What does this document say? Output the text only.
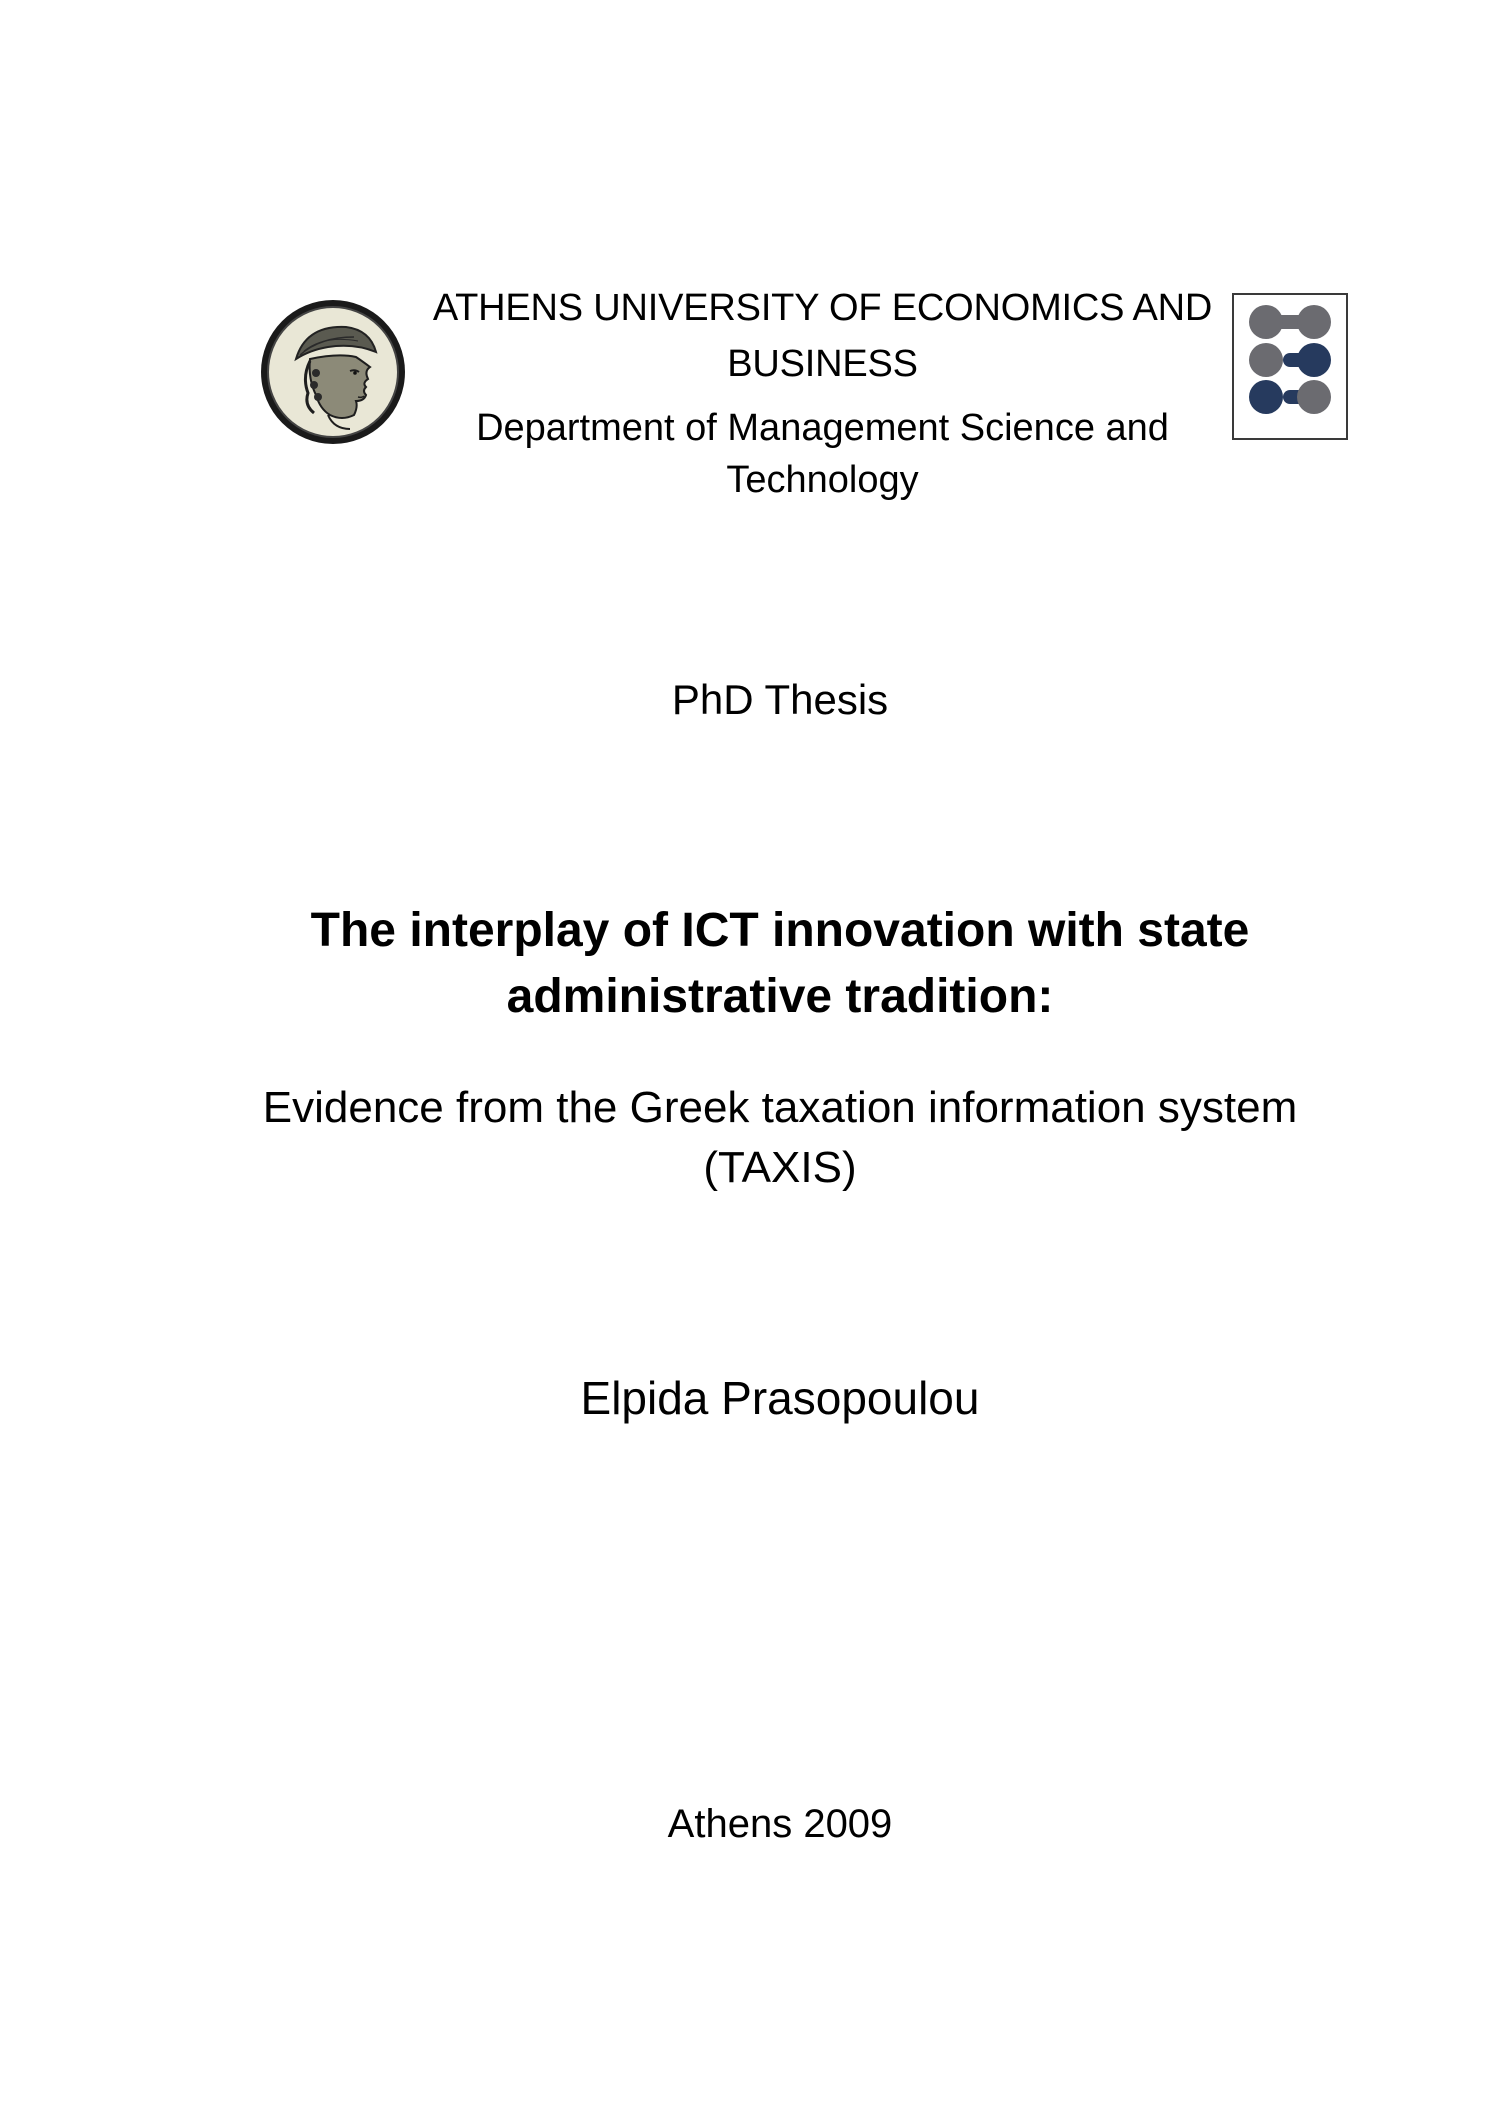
ATHENS UNIVERSITY OF ECONOMICS AND BUSINESS

Department of Management Science and Technology

PhD Thesis

The interplay of ICT innovation with state administrative tradition:

Evidence from the Greek taxation information system (TAXIS)

Elpida Prasopoulou

Athens 2009
